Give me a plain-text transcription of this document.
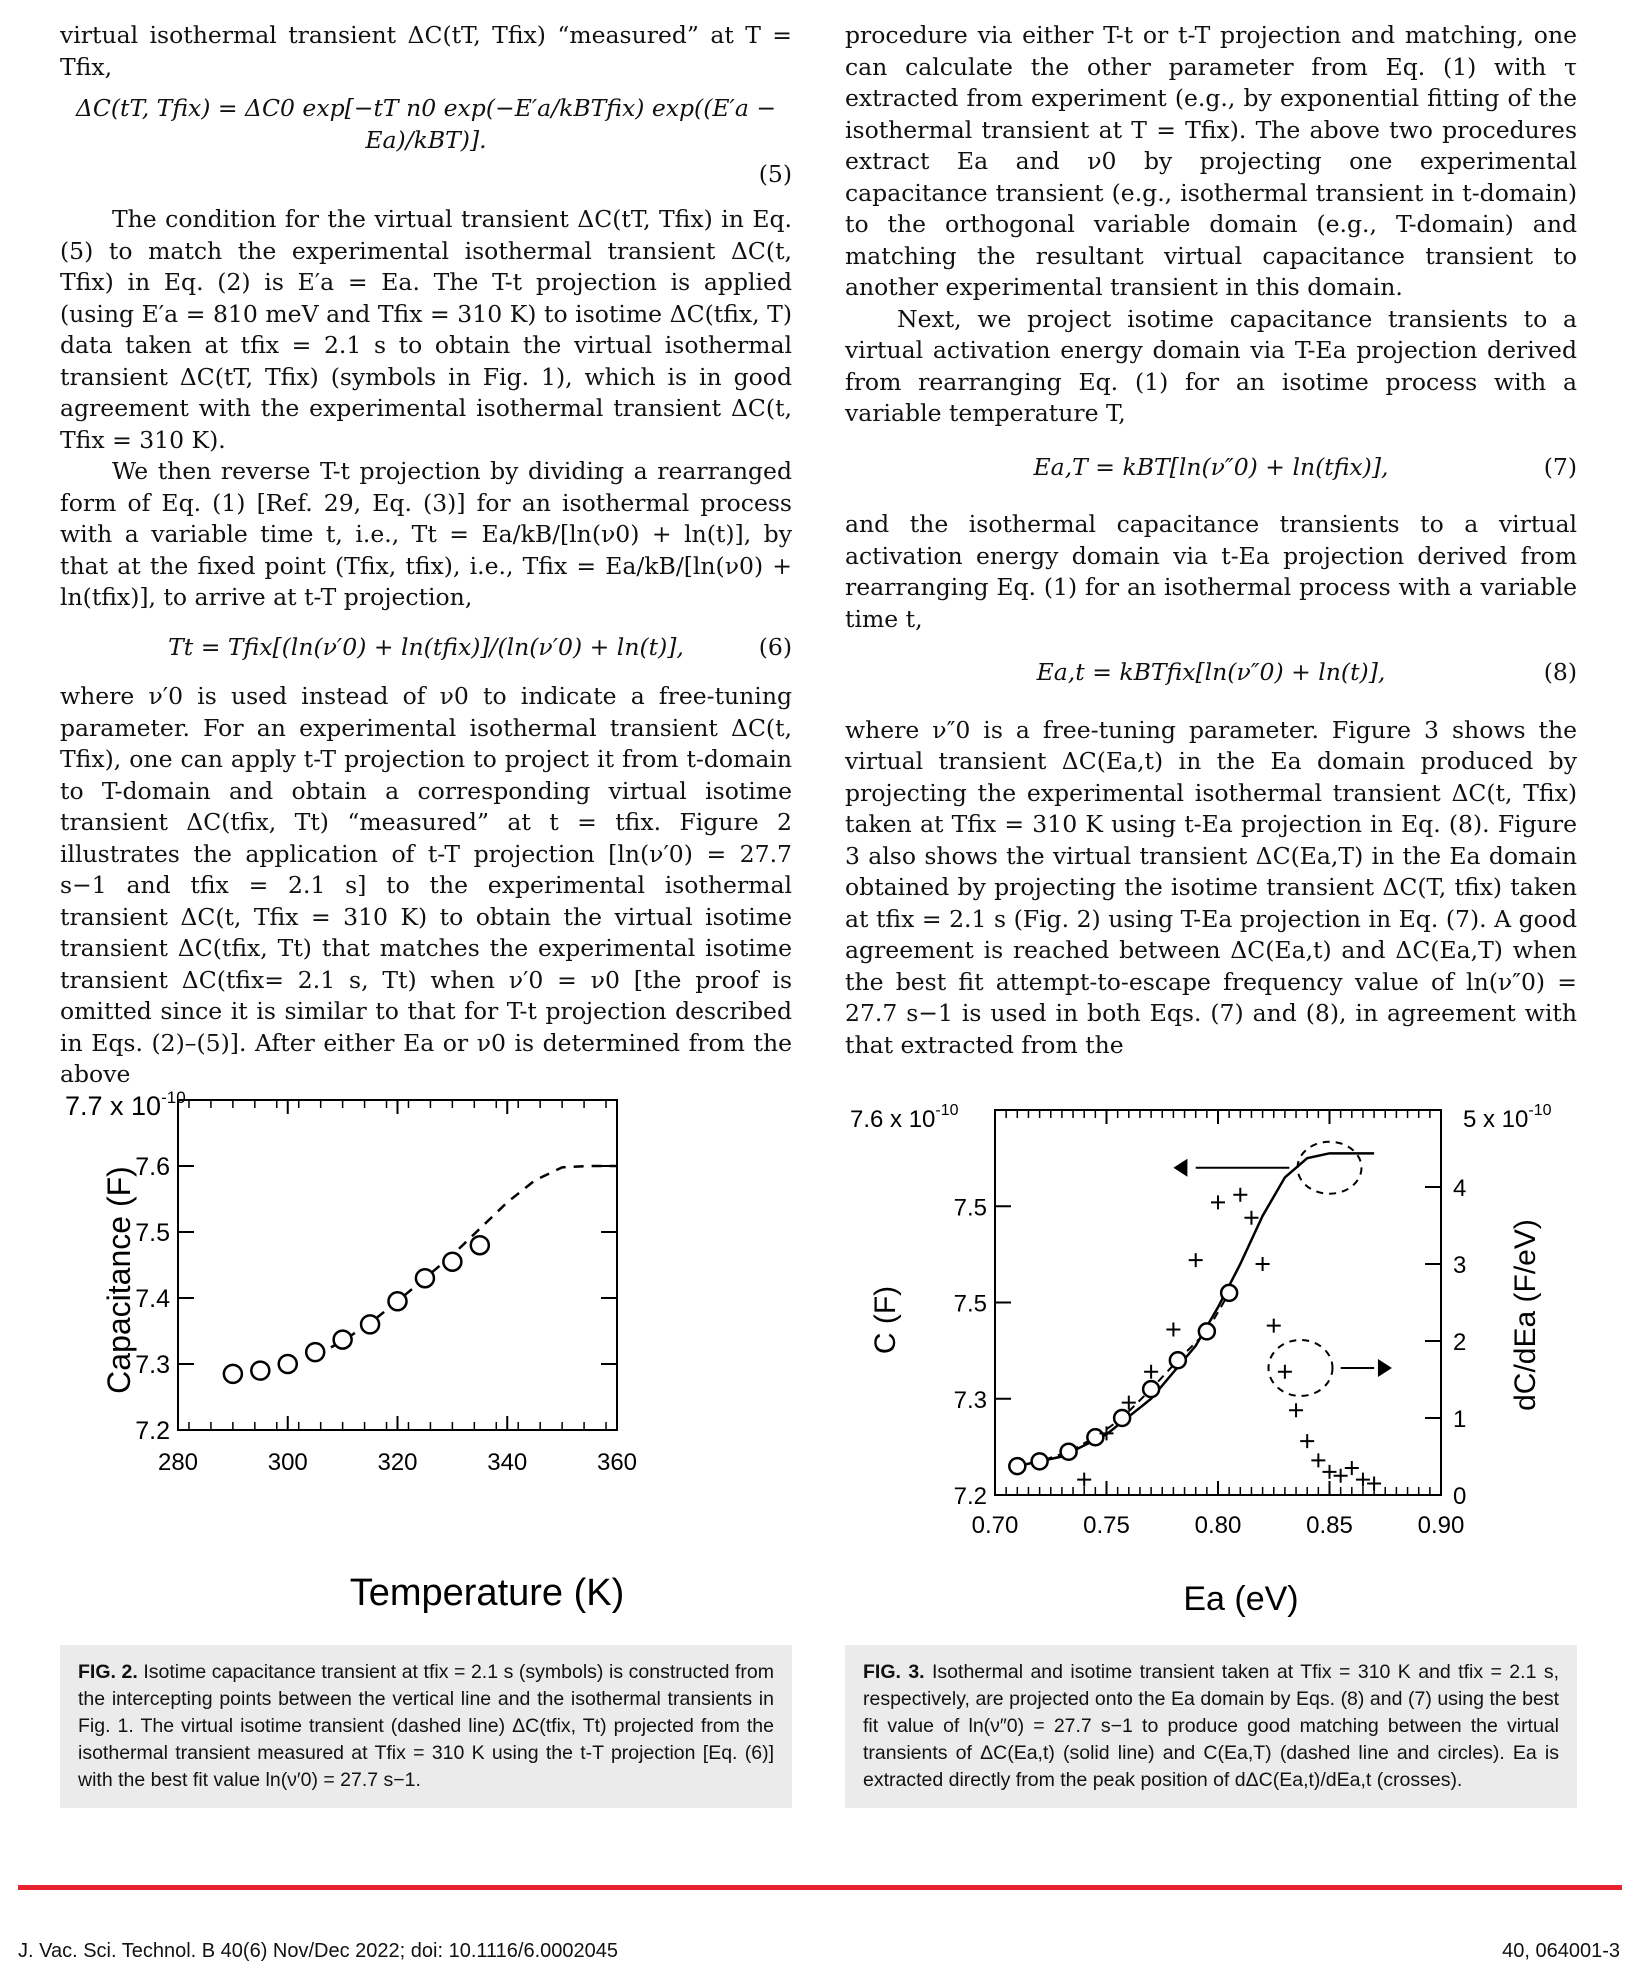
virtual isothermal transient ΔC(tT, Tfix) “measured” at T = Tfix,

ΔC(tT, Tfix) = ΔC0 exp[−tT n0 exp(−E′a/kBTfix) exp((E′a − Ea)/kBT)].
(5)

The condition for the virtual transient ΔC(tT, Tfix) in Eq. (5) to match the experimental isothermal transient ΔC(t, Tfix) in Eq. (2) is E′a = Ea. The T-t projection is applied (using E′a = 810 meV and Tfix = 310 K) to isotime ΔC(tfix, T) data taken at tfix = 2.1 s to obtain the virtual isothermal transient ΔC(tT, Tfix) (symbols in Fig. 1), which is in good agreement with the experimental isothermal transient ΔC(t, Tfix = 310 K).

We then reverse T-t projection by dividing a rearranged form of Eq. (1) [Ref. 29, Eq. (3)] for an isothermal process with a variable time t, i.e., Tt = Ea/kB/[ln(ν0) + ln(t)], by that at the fixed point (Tfix, tfix), i.e., Tfix = Ea/kB/[ln(ν0) + ln(tfix)], to arrive at t-T projection,

Tt = Tfix[(ln(ν′0) + ln(tfix)]/(ln(ν′0) + ln(t)],	(6)

where ν′0 is used instead of ν0 to indicate a free-tuning parameter. For an experimental isothermal transient ΔC(t, Tfix), one can apply t-T projection to project it from t-domain to T-domain and obtain a corresponding virtual isotime transient ΔC(tfix, Tt) “measured” at t = tfix. Figure 2 illustrates the application of t-T projection [ln(ν′0) = 27.7 s−1 and tfix = 2.1 s] to the experimental isothermal transient ΔC(t, Tfix = 310 K) to obtain the virtual isotime transient ΔC(tfix, Tt) that matches the experimental isotime transient ΔC(tfix= 2.1 s, Tt) when ν′0 = ν0 [the proof is omitted since it is similar to that for T-t projection described in Eqs. (2)–(5)]. After either Ea or ν0 is determined from the above

procedure via either T-t or t-T projection and matching, one can calculate the other parameter from Eq. (1) with τ extracted from experiment (e.g., by exponential fitting of the isothermal transient at T = Tfix). The above two procedures extract Ea and ν0 by projecting one experimental capacitance transient (e.g., isothermal transient in t-domain) to the orthogonal variable domain (e.g., T-domain) and matching the resultant virtual capacitance transient to another experimental transient in this domain.

Next, we project isotime capacitance transients to a virtual activation energy domain via T-Ea projection derived from rearranging Eq. (1) for an isotime process with a variable temperature T,

Ea,T = kBT[ln(ν″0) + ln(tfix)],	(7)

and the isothermal capacitance transients to a virtual activation energy domain via t-Ea projection derived from rearranging Eq. (1) for an isothermal process with a variable time t,

Ea,t = kBTfix[ln(ν″0) + ln(t)],	(8)

where ν″0 is a free-tuning parameter. Figure 3 shows the virtual transient ΔC(Ea,t) in the Ea domain produced by projecting the experimental isothermal transient ΔC(t, Tfix) taken at Tfix = 310 K using t-Ea projection in Eq. (8). Figure 3 also shows the virtual transient ΔC(Ea,T) in the Ea domain obtained by projecting the isotime transient ΔC(T, tfix) taken at tfix = 2.1 s (Fig. 2) using T-Ea projection in Eq. (7). A good agreement is reached between ΔC(Ea,t) and ΔC(Ea,T) when the best fit attempt-to-escape frequency value of ln(ν″0) = 27.7 s−1 is used in both Eqs. (7) and (8), in agreement with that extracted from the

7.7 x $10^{-10}$
Capacitance (F)
Temperature (K)
280	300	320	340	360
7.2
7.3
7.4
7.5
7.6
FIG. 2. Isotime capacitance transient at tfix = 2.1 s (symbols) is constructed from the intercepting points between the vertical line and the isothermal transients in Fig. 1. The virtual isotime transient (dashed line) ΔC(tfix, Tt) projected from the isothermal transient measured at Tfix = 310 K using the t-T projection [Eq. (6)] with the best fit value ln(ν′0) = 27.7 s−1.
7.6 x $10^{-10}$	5 x $10^{-10}$
C (F)	dC/dEa (F/eV)
Ea (eV)
0.70	0.75	0.80	0.85	0.90
7.2
7.3
7.5
7.5
0
1
2
3
4
FIG. 3. Isothermal and isotime transient taken at Tfix = 310 K and tfix = 2.1 s, respectively, are projected onto the Ea domain by Eqs. (8) and (7) using the best fit value of ln(ν″0) = 27.7 s−1 to produce good matching between the virtual transients of ΔC(Ea,t) (solid line) and C(Ea,T) (dashed line and circles). Ea is extracted directly from the peak position of dΔC(Ea,t)/dEa,t (crosses).
J. Vac. Sci. Technol. B 40(6) Nov/Dec 2022; doi: 10.1116/6.0002045	40, 064001-3
